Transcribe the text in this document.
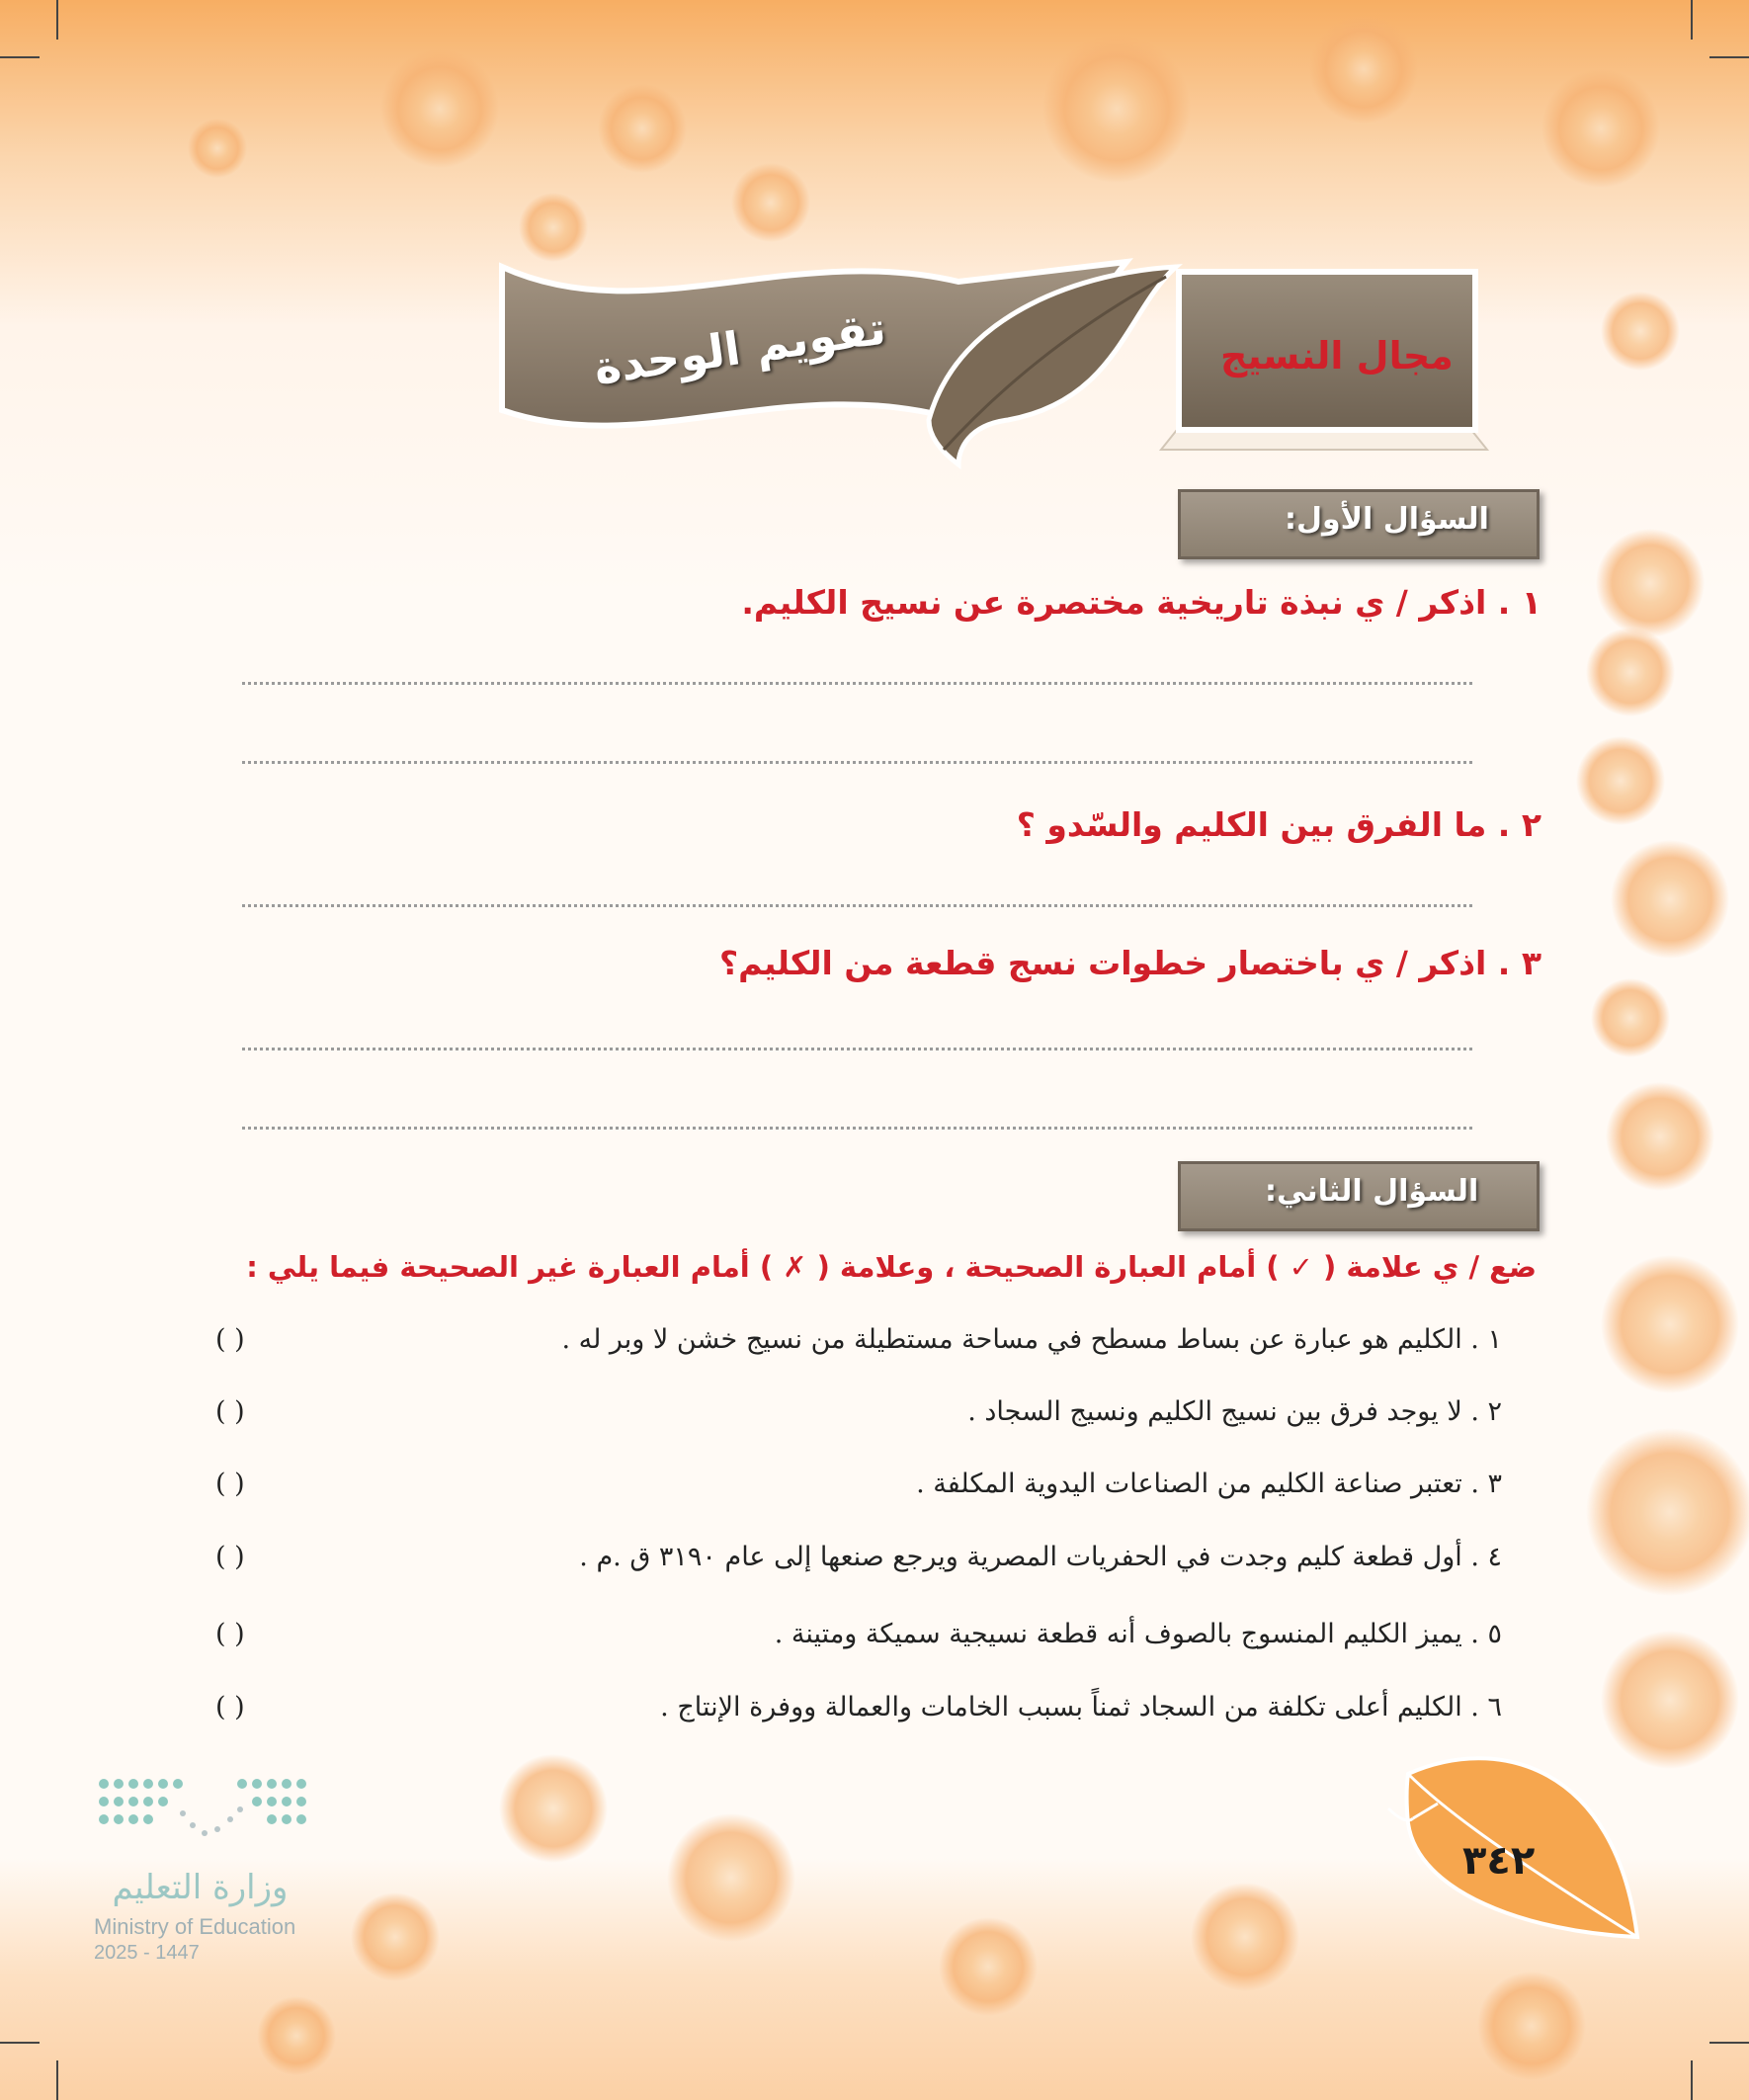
تقويم الوحدة	مجال النسيج
السؤال الأول:
١ . اذكر / ي نبذة تاريخية مختصرة عن نسيج الكليم.
٢ . ما الفرق بين الكليم والسّدو ؟
٣ . اذكر / ي باختصار خطوات نسج قطعة من الكليم؟
السؤال الثاني:
ضع / ي علامة ( ✓ ) أمام العبارة الصحيحة ، وعلامة ( ✗ ) أمام العبارة غير الصحيحة فيما يلي :
١ . الكليم هو عبارة عن بساط مسطح في مساحة مستطيلة من نسيج خشن لا وبر له .
( )
٢ . لا يوجد فرق بين نسيج الكليم ونسيج السجاد .
( )
٣ . تعتبر صناعة الكليم من الصناعات اليدوية المكلفة .
( )
٤ . أول قطعة كليم وجدت في الحفريات المصرية ويرجع صنعها إلى عام ٣١٩٠ ق .م .
( )
٥ . يميز الكليم المنسوج بالصوف أنه قطعة نسيجية سميكة ومتينة .
( )
٦ . الكليم أعلى تكلفة من السجاد ثمناً بسبب الخامات والعمالة ووفرة الإنتاج .
( )
٣٤٢
وزارة التعليم
Ministry of Education
2025 - 1447
